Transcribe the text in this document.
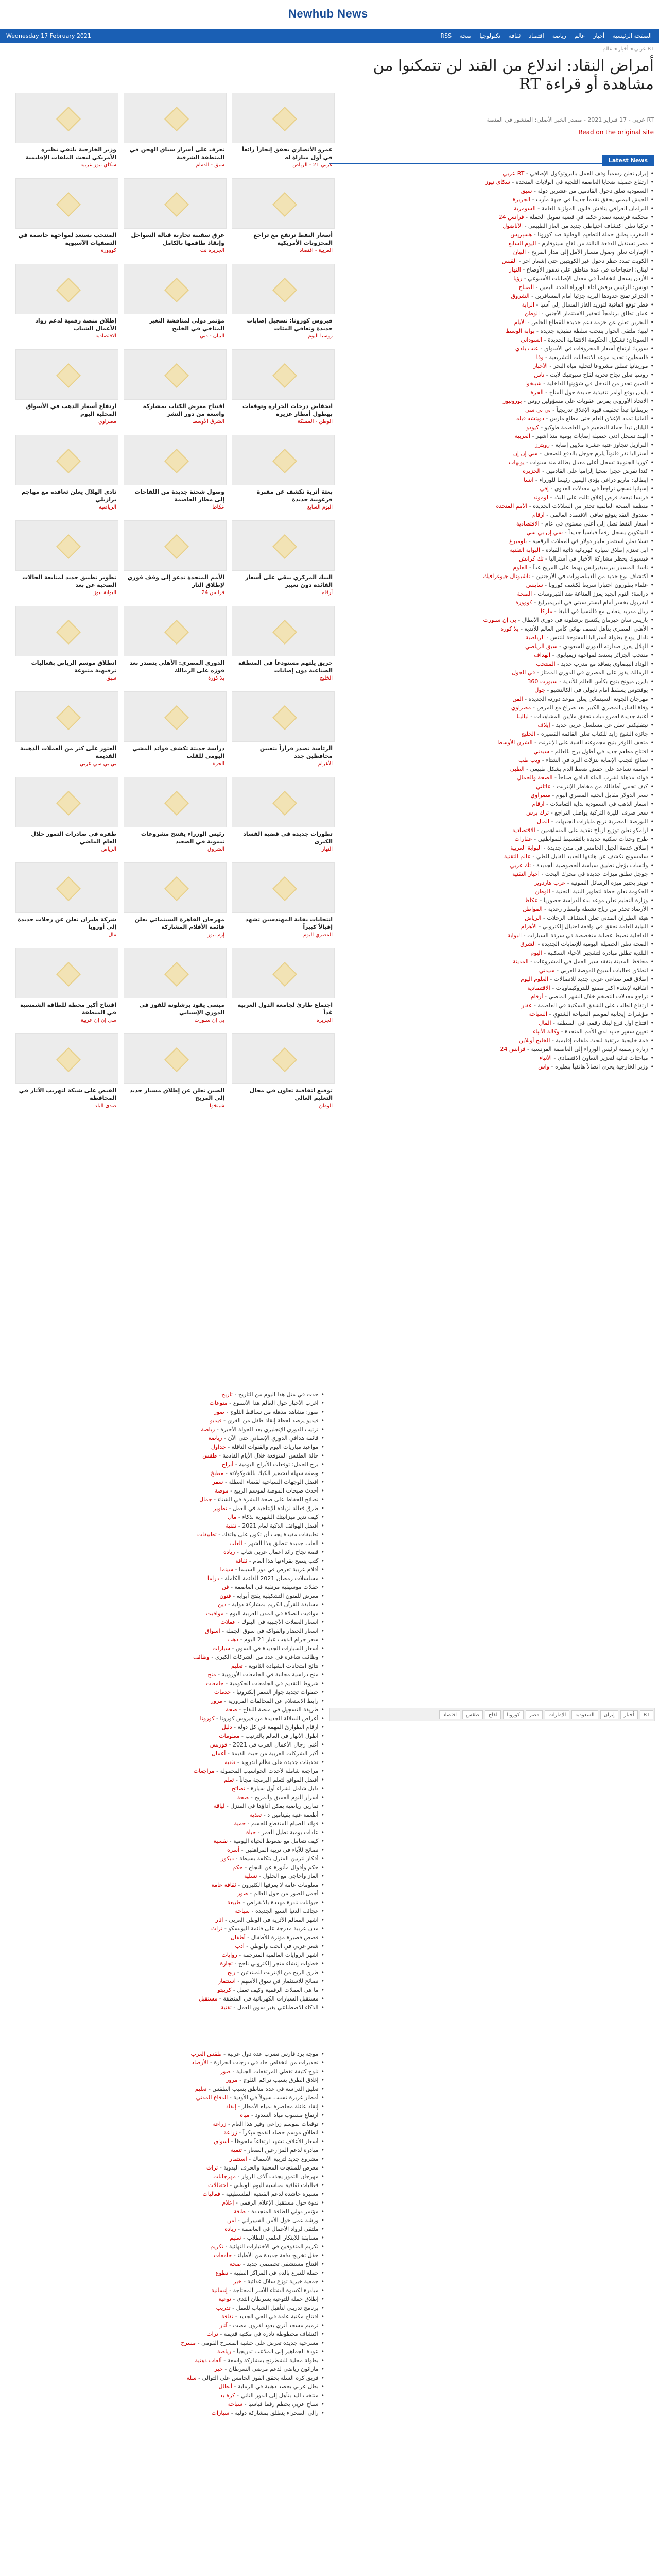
Newhub News
Wednesday 17 February 2021	الصفحة الرئيسية
أخبار
عالم
رياضة
اقتصاد
ثقافة
تكنولوجيا
صحة
RSS
RT عربي ◂ أخبار ◂ عالم
أمراض النقاد: اندلاع من القند لن تتمكنوا من مشاهدة أو قراءة RT
RT عربي - 17 فبراير 2021 - مصدر الخبر الأصلي: المنشور في المنصة
Read on the original site
Latest News
عمرو الأنصاري يحقق إنجازاً رائعاً في أول مباراة له
عربي 21 - الرياض
تعرف على أسرار سباق الهجن في المنطقة الشرقية
سبق - الدمام
وزير الخارجية يلتقي نظيره الأمريكي لبحث الملفات الإقليمية
سكاي نيوز عربية
أسعار النفط ترتفع مع تراجع المخزونات الأمريكية
العربية - اقتصاد
غرق سفينة تجارية قبالة السواحل وإنقاذ طاقمها بالكامل
الجزيرة نت
المنتخب يستعد لمواجهة حاسمة في التصفيات الآسيوية
كووورة
فيروس كورونا: تسجيل إصابات جديدة وتعافي المئات
روسيا اليوم
مؤتمر دولي لمناقشة التغير المناخي في الخليج
البيان - دبي
إطلاق منصة رقمية لدعم رواد الأعمال الشباب
الاقتصادية
انخفاض درجات الحرارة وتوقعات بهطول أمطار غزيرة
الوطن - المملكة
افتتاح معرض الكتاب بمشاركة واسعة من دور النشر
الشرق الأوسط
ارتفاع أسعار الذهب في الأسواق المحلية اليوم
مصراوي
بعثة أثرية تكشف عن مقبرة فرعونية جديدة
اليوم السابع
وصول شحنة جديدة من اللقاحات إلى مطار العاصمة
عكاظ
نادي الهلال يعلن تعاقده مع مهاجم برازيلي
الرياضية
البنك المركزي يبقي على أسعار الفائدة دون تغيير
أرقام
الأمم المتحدة تدعو إلى وقف فوري لإطلاق النار
فرانس 24
تطوير تطبيق جديد لمتابعة الحالات الصحية عن بعد
البوابة نيوز
حريق يلتهم مستودعاً في المنطقة الصناعية دون إصابات
الخليج
الدوري المصري: الأهلي يتصدر بعد فوزه على الزمالك
يلا كورة
انطلاق موسم الرياض بفعاليات ترفيهية متنوعة
سبق
الرئاسة تصدر قراراً بتعيين محافظين جدد
الأهرام
دراسة حديثة تكشف فوائد المشي اليومي للقلب
الحرة
العثور على كنز من العملات الذهبية القديمة
بي بي سي عربي
تطورات جديدة في قضية الفساد الكبرى
النهار
رئيس الوزراء يفتتح مشروعات تنموية في الصعيد
الشروق
طفرة في صادرات التمور خلال العام الماضي
الرياض
انتخابات نقابة المهندسين تشهد إقبالاً كبيراً
المصري اليوم
مهرجان القاهرة السينمائي يعلن قائمة الأفلام المشاركة
إرم نيوز
شركة طيران تعلن عن رحلات جديدة إلى أوروبا
مال
اجتماع طارئ لجامعة الدول العربية غداً
الجزيرة
ميسي يقود برشلونة للفوز في الدوري الإسباني
بي إن سبورت
افتتاح أكبر محطة للطاقة الشمسية في المنطقة
سي إن إن عربية
توقيع اتفاقية تعاون في مجال التعليم العالي
الوطن
الصين تعلن عن إطلاق مسبار جديد إلى المريخ
شينخوا
القبض على شبكة لتهريب الآثار في المحافظة
صدى البلد
•إيران تعلن رسمياً وقف العمل بالبروتوكول الإضافي - RT عربي
•ارتفاع حصيلة ضحايا العاصفة الثلجية في الولايات المتحدة - سكاي نيوز
•السعودية تعلق دخول القادمين من عشرين دولة - سبق
•الجيش اليمني يحقق تقدماً جديداً في جبهة مأرب - الجزيرة
•البرلمان العراقي يناقش قانون الموازنة العامة - السومرية
•محكمة فرنسية تصدر حكماً في قضية تمويل الحملة - فرانس 24
•تركيا تعلن اكتشاف احتياطي جديد من الغاز الطبيعي - الأناضول
•المغرب يطلق حملة التطعيم الوطنية ضد كورونا - هسبريس
•مصر تستقبل الدفعة الثالثة من لقاح سينوفارم - اليوم السابع
•الإمارات تعلن وصول مسبار الأمل إلى مدار المريخ - البيان
•الكويت تمدد حظر دخول غير الكويتيين حتى إشعار آخر - القبس
•لبنان: احتجاجات في عدة مناطق على تدهور الأوضاع - النهار
•الأردن يسجل انخفاضاً في معدل الإصابات الأسبوعي - رؤيا
•تونس: الرئيس يرفض أداء الوزراء الجدد اليمين - الصباح
•الجزائر تفتح حدودها البرية جزئياً أمام المسافرين - الشروق
•قطر توقع اتفاقية لتوريد الغاز المسال إلى آسيا - الراية
•عمان تطلق برنامجاً لتحفيز الاستثمار الأجنبي - الوطن
•البحرين تعلن عن حزمة دعم جديدة للقطاع الخاص - الأيام
•ليبيا: ملتقى الحوار ينتخب سلطة تنفيذية جديدة - بوابة الوسط
•السودان: تشكيل الحكومة الانتقالية الجديدة - السوداني
•سوريا: ارتفاع أسعار المحروقات في الأسواق - عنب بلدي
•فلسطين: تحديد موعد الانتخابات التشريعية - وفا
•موريتانيا تطلق مشروعاً لتحلية مياه البحر - الأخبار
•روسيا تعلن نجاح تجربة لقاح سبوتنيك لايت - تاس
•الصين تحذر من التدخل في شؤونها الداخلية - شينخوا
•بايدن يوقع أوامر تنفيذية جديدة حول المناخ - الحرة
•الاتحاد الأوروبي يفرض عقوبات على مسؤولين روس - يورونيوز
•بريطانيا تبدأ تخفيف قيود الإغلاق تدريجياً - بي بي سي
•ألمانيا تمدد الإغلاق العام حتى مطلع مارس - دويتشه فيله
•اليابان تبدأ حملة التطعيم في العاصمة طوكيو - كيودو
•الهند تسجل أدنى حصيلة إصابات يومية منذ أشهر - العربية
•البرازيل تتجاوز عتبة عشرة ملايين إصابة - رويترز
•أستراليا تقر قانوناً يلزم جوجل بالدفع للصحف - سي إن إن
•كوريا الجنوبية تسجل أعلى معدل بطالة منذ سنوات - يونهاب
•كندا تفرض حجراً صحياً إلزامياً على القادمين - الجزيرة
•إيطاليا: ماريو دراغي يؤدي اليمين رئيساً للوزراء - أنسا
•إسبانيا تسجل تراجعاً في معدلات العدوى - إفي
•فرنسا تبحث فرض إغلاق ثالث على البلاد - لوموند
•منظمة الصحة العالمية تحذر من السلالات الجديدة - الأمم المتحدة
•صندوق النقد يتوقع تعافي الاقتصاد العالمي - أرقام
•أسعار النفط تصل إلى أعلى مستوى في عام - الاقتصادية
•البيتكوين يسجل رقماً قياسياً جديداً - سي إن بي سي
•تسلا تعلن استثمار مليار دولار في العملات الرقمية - بلومبرغ
•أبل تعتزم إطلاق سيارة كهربائية ذاتية القيادة - البوابة التقنية
•فيسبوك يحظر مشاركة الأخبار في أستراليا - تك كرانش
•ناسا: المسبار بيرسيفيرانس يهبط على المريخ غداً - العلوم
•اكتشاف نوع جديد من الديناصورات في الأرجنتين - ناشيونال جيوغرافيك
•علماء يطورون اختباراً سريعاً لكشف كورونا - ساينس
•دراسة: النوم الجيد يعزز المناعة ضد الفيروسات - الصحة
•ليفربول يخسر أمام ليستر سيتي في البريميرليغ - كووورة
•ريال مدريد يتعادل مع فالنسيا في الليغا - ماركا
•باريس سان جيرمان يكتسح برشلونة في دوري الأبطال - بي إن سبورت
•الأهلي المصري يتأهل لنصف نهائي كأس العالم للأندية - يلا كورة
•نادال يودع بطولة أستراليا المفتوحة للتنس - الرياضية
•الهلال يعزز صدارته للدوري السعودي - سبق الرياضي
•منتخب الجزائر يستعد لمواجهة زيمبابوي - الهداف
•الوداد البيضاوي يتعاقد مع مدرب جديد - المنتخب
•الزمالك يفوز على المصري في الدوري الممتاز - في الجول
•بايرن ميونخ يتوج بكأس العالم للأندية - سبورت 360
•يوفنتوس يسقط أمام نابولي في الكالتشيو - جول
•مهرجان الجونة السينمائي يعلن موعد دورته الجديدة - الفن
•وفاة الفنان المصري الكبير بعد صراع مع المرض - مصراوي
•أغنية جديدة لعمرو دياب تحقق ملايين المشاهدات - ليالينا
•نيتفليكس تعلن عن مسلسل عربي جديد - إيلاف
•جائزة الشيخ زايد للكتاب تعلن القائمة القصيرة - الخليج
•متحف اللوفر يتيح مجموعته الفنية على الإنترنت - الشرق الأوسط
•افتتاح مطعم جديد في أطول برج بالعالم - سيدتي
•نصائح لتجنب الإصابة بنزلات البرد في الشتاء - ويب طب
•أطعمة تساعد على خفض ضغط الدم بشكل طبيعي - الطبي
•فوائد مذهلة لشرب الماء الدافئ صباحاً - الصحة والجمال
•كيف تحمي أطفالك من مخاطر الإنترنت - عائلتي
•سعر الدولار مقابل الجنيه المصري اليوم - مصراوي
•أسعار الذهب في السعودية بداية التعاملات - أرقام
•سعر صرف الليرة التركية يواصل التراجع - ترك برس
•البورصة المصرية تربح مليارات الجنيهات - المال
•أرامكو تعلن توزيع أرباح نقدية على المساهمين - الاقتصادية
•طرح وحدات سكنية جديدة بالتقسيط للمواطنين - عقارات
•إطلاق خدمة الجيل الخامس في مدن جديدة - البوابة العربية
•سامسونج تكشف عن هاتفها الجديد القابل للطي - عالم التقنية
•واتساب يؤجل تطبيق سياسة الخصوصية الجديدة - تك عربي
•جوجل تطلق ميزات جديدة في محرك البحث - أخبار التقنية
•تويتر يختبر ميزة الرسائل الصوتية - عرب هاردوير
•الحكومة تعلن خطة لتطوير البنية التحتية - الوطن
•وزارة التعليم تعلن موعد بدء الدراسة حضورياً - عكاظ
•الأرصاد تحذر من رياح نشطة وأمطار رعدية - المواطن
•هيئة الطيران المدني تعلن استئناف الرحلات - الرياض
•النيابة العامة تحقق في واقعة احتيال إلكتروني - الأهرام
•الداخلية تضبط عصابة متخصصة في سرقة السيارات - البوابة
•الصحة تعلن الحصيلة اليومية للإصابات الجديدة - الشرق
•البلدية تطلق مبادرة لتشجير الأحياء السكنية - اليوم
•محافظ المدينة يتفقد سير العمل في المشروعات - المدينة
•انطلاق فعاليات أسبوع الموضة العربي - سيدتي
•إطلاق قمر صناعي عربي جديد للاتصالات - العلوم اليوم
•اتفاقية لإنشاء أكبر مصنع للبتروكيماويات - الاقتصادية
•تراجع معدلات التضخم خلال الشهر الماضي - أرقام
•ارتفاع الطلب على الشقق السكنية في العاصمة - عقار
•مؤشرات إيجابية لموسم السياحة الشتوي - السياحة
•افتتاح أول فرع لبنك رقمي في المنطقة - المال
•تعيين سفير جديد لدى الأمم المتحدة - وكالة الأنباء
•قمة خليجية مرتقبة لبحث ملفات إقليمية - الخليج أونلاين
•زيارة رسمية لرئيس الوزراء إلى العاصمة الفرنسية - فرانس 24
•مباحثات ثنائية لتعزيز التعاون الاقتصادي - الأنباء
•وزير الخارجية يجري اتصالاً هاتفياً بنظيره - واس
•حدث في مثل هذا اليوم من التاريخ - تاريخ
•أغرب الأخبار حول العالم هذا الأسبوع - منوعات
•صور: مشاهد مذهلة من تساقط الثلوج - صور
•فيديو يرصد لحظة إنقاذ طفل من الغرق - فيديو
•ترتيب الدوري الإنجليزي بعد الجولة الأخيرة - رياضة
•قائمة هدافي الدوري الإسباني حتى الآن - رياضة
•مواعيد مباريات اليوم والقنوات الناقلة - جداول
•حالة الطقس المتوقعة خلال الأيام القادمة - طقس
•برج الحمل: توقعات الأبراج اليومية - أبراج
•وصفة سهلة لتحضير الكيك بالشوكولاتة - مطبخ
•أفضل الوجهات السياحية لقضاء العطلة - سفر
•أحدث صيحات الموضة لموسم الربيع - موضة
•نصائح للحفاظ على صحة البشرة في الشتاء - جمال
•طرق فعالة لزيادة الإنتاجية في العمل - تطوير
•كيف تدير ميزانيتك الشهرية بذكاء - مال
•أفضل الهواتف الذكية لعام 2021 - تقنية
•تطبيقات مفيدة يجب أن تكون على هاتفك - تطبيقات
•ألعاب جديدة تنطلق هذا الشهر - ألعاب
•قصة نجاح رائد أعمال عربي شاب - ريادة
•كتب ينصح بقراءتها هذا العام - ثقافة
•أفلام عربية تعرض في دور السينما - سينما
•مسلسلات رمضان 2021 القائمة الكاملة - دراما
•حفلات موسيقية مرتقبة في العاصمة - فن
•معرض للفنون التشكيلية يفتح أبوابه - فنون
•مسابقة للقرآن الكريم بمشاركة دولية - دين
•مواقيت الصلاة في المدن العربية اليوم - مواقيت
•أسعار العملات الأجنبية في البنوك - عملات
•أسعار الخضار والفواكه في سوق الجملة - أسواق
•سعر جرام الذهب عيار 21 اليوم - ذهب
•أسعار السيارات الجديدة في السوق - سيارات
•وظائف شاغرة في عدد من الشركات الكبرى - وظائف
•نتائج امتحانات الشهادة الثانوية - تعليم
•منح دراسية مجانية في الجامعات الأوروبية - منح
•شروط التقديم في الجامعات الحكومية - جامعات
•خطوات تجديد جواز السفر إلكترونياً - خدمات
•رابط الاستعلام عن المخالفات المرورية - مرور
•طريقة التسجيل في منصة اللقاح - صحة
•أعراض السلالة الجديدة من فيروس كورونا - كورونا
•أرقام الطوارئ المهمة في كل دولة - دليل
•أطول الأنهار في العالم بالترتيب - معلومات
•أغنى رجال الأعمال العرب في 2021 - فوربس
•أكبر الشركات العربية من حيث القيمة - أعمال
•تحديثات جديدة على نظام أندرويد - تقنية
•مراجعة شاملة لأحدث الحواسيب المحمولة - مراجعات
•أفضل المواقع لتعلم البرمجة مجاناً - تعلم
•دليل شامل لشراء أول سيارة - نصائح
•أسرار النوم العميق والمريح - صحة
•تمارين رياضية يمكن أداؤها في المنزل - لياقة
•أطعمة غنية بفيتامين د - تغذية
•فوائد الصيام المتقطع للجسم - حمية
•عادات يومية تطيل العمر - حياة
•كيف تتعامل مع ضغوط الحياة اليومية - نفسية
•نصائح للآباء في تربية المراهقين - أسرة
•أفكار لتزيين المنزل بتكلفة بسيطة - ديكور
•حكم وأقوال مأثورة عن النجاح - حكم
•ألغاز وأحاجي مع الحلول - تسلية
•معلومات عامة لا يعرفها الكثيرون - ثقافة عامة
•أجمل الصور من حول العالم - صور
•حيوانات نادرة مهددة بالانقراض - طبيعة
•عجائب الدنيا السبع الجديدة - سياحة
•أشهر المعالم الأثرية في الوطن العربي - آثار
•مدن عربية مدرجة على قائمة اليونسكو - تراث
•قصص قصيرة مؤثرة للأطفال - أطفال
•شعر عربي في الحب والوطن - أدب
•أشهر الروايات العالمية المترجمة - روايات
•خطوات إنشاء متجر إلكتروني ناجح - تجارة
•طرق الربح من الإنترنت للمبتدئين - ربح
•نصائح للاستثمار في سوق الأسهم - استثمار
•ما هي العملات الرقمية وكيف تعمل - كريبتو
•مستقبل السيارات الكهربائية في المنطقة - مستقبل
•الذكاء الاصطناعي يغير سوق العمل - تقنية
•موجة برد قارس تضرب عدة دول عربية - طقس العرب
•تحذيرات من انخفاض حاد في درجات الحرارة - الأرصاد
•ثلوج كثيفة تغطي المرتفعات الجبلية - صور
•إغلاق الطرق بسبب تراكم الثلوج - مرور
•تعليق الدراسة في عدة مناطق بسبب الطقس - تعليم
•أمطار غزيرة تسبب سيولاً في الأودية - الدفاع المدني
•إنقاذ عائلة محاصرة بمياه الأمطار - إنقاذ
•ارتفاع منسوب مياه السدود - مياه
•توقعات بموسم زراعي وفير هذا العام - زراعة
•انطلاق موسم حصاد القمح مبكراً - زراعة
•أسعار الأعلاف تشهد ارتفاعاً ملحوظاً - أسواق
•مبادرة لدعم المزارعين الصغار - تنمية
•مشروع جديد لتربية الأسماك - استثمار
•معرض للمنتجات المحلية والحرف اليدوية - تراث
•مهرجان التمور يجذب آلاف الزوار - مهرجانات
•فعاليات ثقافية بمناسبة اليوم الوطني - احتفالات
•مسيرة حاشدة لدعم القضية الفلسطينية - فعاليات
•ندوة حول مستقبل الإعلام الرقمي - إعلام
•مؤتمر دولي للطاقة المتجددة - طاقة
•ورشة عمل حول الأمن السيبراني - أمن
•ملتقى لرواد الأعمال في العاصمة - ريادة
•مسابقة للابتكار العلمي للطلاب - تعليم
•تكريم المتفوقين في الاختبارات النهائية - تكريم
•حفل تخريج دفعة جديدة من الأطباء - جامعات
•افتتاح مستشفى تخصصي جديد - صحة
•حملة للتبرع بالدم في المراكز الطبية - تطوع
•جمعية خيرية توزع سلال غذائية - خير
•مبادرة لكسوة الشتاء للأسر المحتاجة - إنسانية
•إطلاق حملة للتوعية بسرطان الثدي - توعية
•برنامج تدريبي لتأهيل الشباب للعمل - تدريب
•افتتاح مكتبة عامة في الحي الجديد - ثقافة
•ترميم مسجد أثري يعود لقرون مضت - آثار
•اكتشاف مخطوطة نادرة في مكتبة قديمة - تراث
•مسرحية جديدة تعرض على خشبة المسرح القومي - مسرح
•عودة الجماهير إلى الملاعب تدريجياً - رياضة
•بطولة محلية للشطرنج بمشاركة واسعة - ألعاب ذهنية
•ماراثون رياضي لدعم مرضى السرطان - خير
•فريق كرة السلة يحقق الفوز الخامس على التوالي - سلة
•بطل عربي يحصد ذهبية في الرماية - أبطال
•منتخب اليد يتأهل إلى الدور الثاني - كرة يد
•سباح عربي يحطم رقماً قياسياً - سباحة
•رالي الصحراء ينطلق بمشاركة دولية - سيارات
RTأخبارإيرانالسعوديةالإماراتمصركورونالقاحطقساقتصاد
